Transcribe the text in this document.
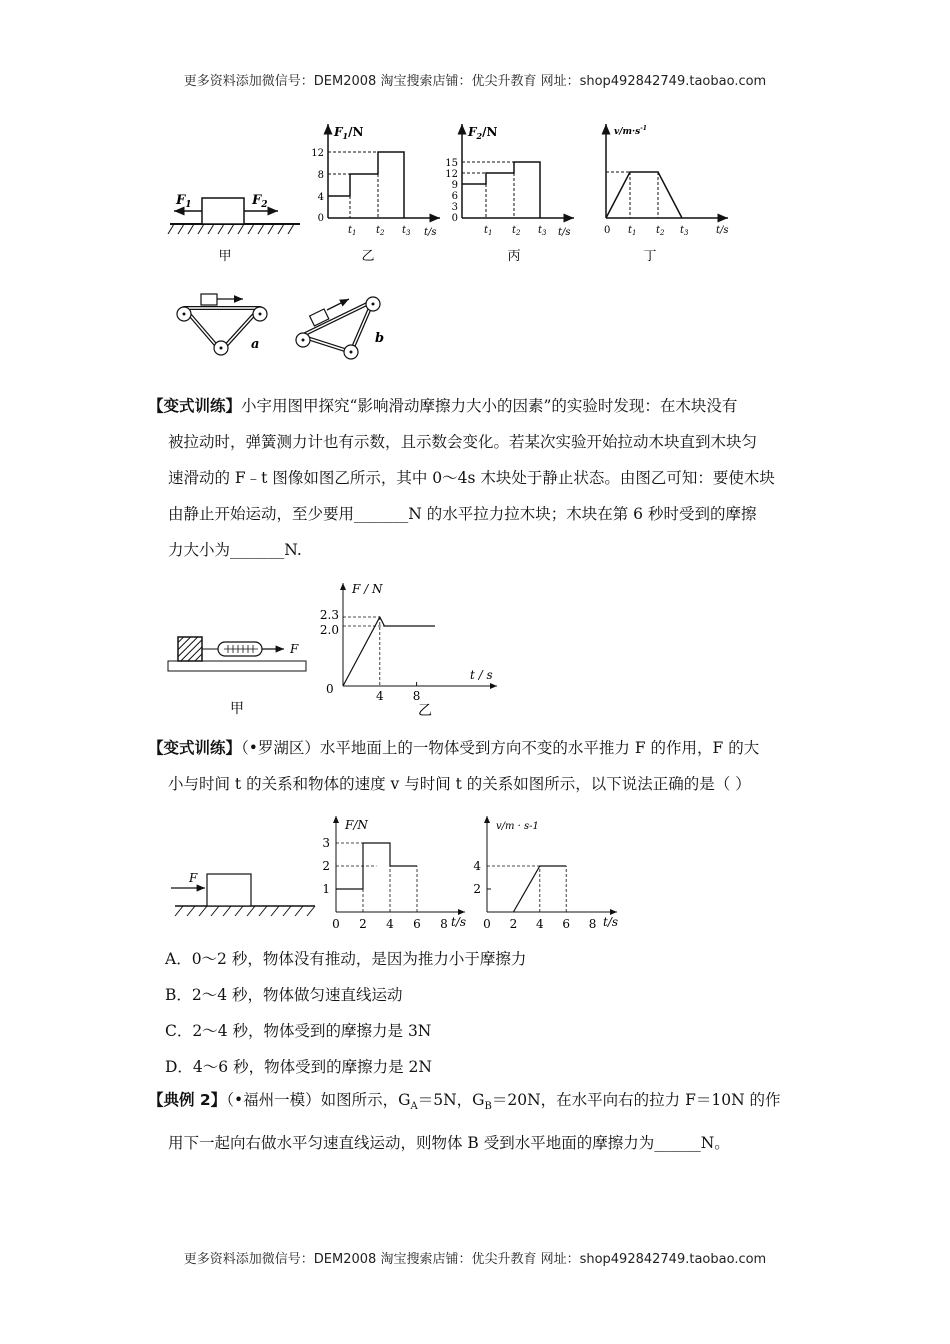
更多资料添加微信号：DEM2008 淘宝搜索店铺：优尖升教育 网址：shop492842749.taobao.com
$F_1$	$F_2$
甲
$F_1/N$
12
8
4
0
$t_1$ $t_2$ $t_3$ t/s
乙
$F_2/N$
15
12
9
6
3
0
$t_1$ $t_2$ $t_3$ t/s
丙
$v/m\cdot s^{-1}$
0 $t_1$ $t_2$ $t_3$	t/s
丁
a	b
【变式训练】小宇用图甲探究“影响滑动摩擦力大小的因素”的实验时发现：在木块没有
被拉动时，弹簧测力计也有示数，且示数会变化。若某次实验开始拉动木块直到木块匀
速滑动的 F﹣t 图像如图乙所示，其中 0～4s 木块处于静止状态。由图乙可知：要使木块
由静止开始运动，至少要用_______N 的水平拉力拉木块；木块在第 6 秒时受到的摩擦
力大小为_______N.
F
甲
F / N
t / s
0
2.3
2.0
4 8
乙
【变式训练】（•罗湖区）水平地面上的一物体受到方向不变的水平推力 F 的作用，F 的大
小与时间 t 的关系和物体的速度 v 与时间 t 的关系如图所示，以下说法正确的是（ ）
F
F/N
t/s
1
2
3
0 2 4 6 8
v/m · s-1
t/s
2
4
0 2 4 6 8
A．0～2 秒，物体没有推动，是因为推力小于摩擦力
B．2～4 秒，物体做匀速直线运动
C．2～4 秒，物体受到的摩擦力是 3N
D．4～6 秒，物体受到的摩擦力是 2N
【典例 2】（•福州一模）如图所示，$G_A=5N$，$G_B=20N$，在水平向右的拉力 F＝10N 的作
用下一起向右做水平匀速直线运动，则物体 B 受到水平地面的摩擦力为______N。
更多资料添加微信号：DEM2008 淘宝搜索店铺：优尖升教育 网址：shop492842749.taobao.com
